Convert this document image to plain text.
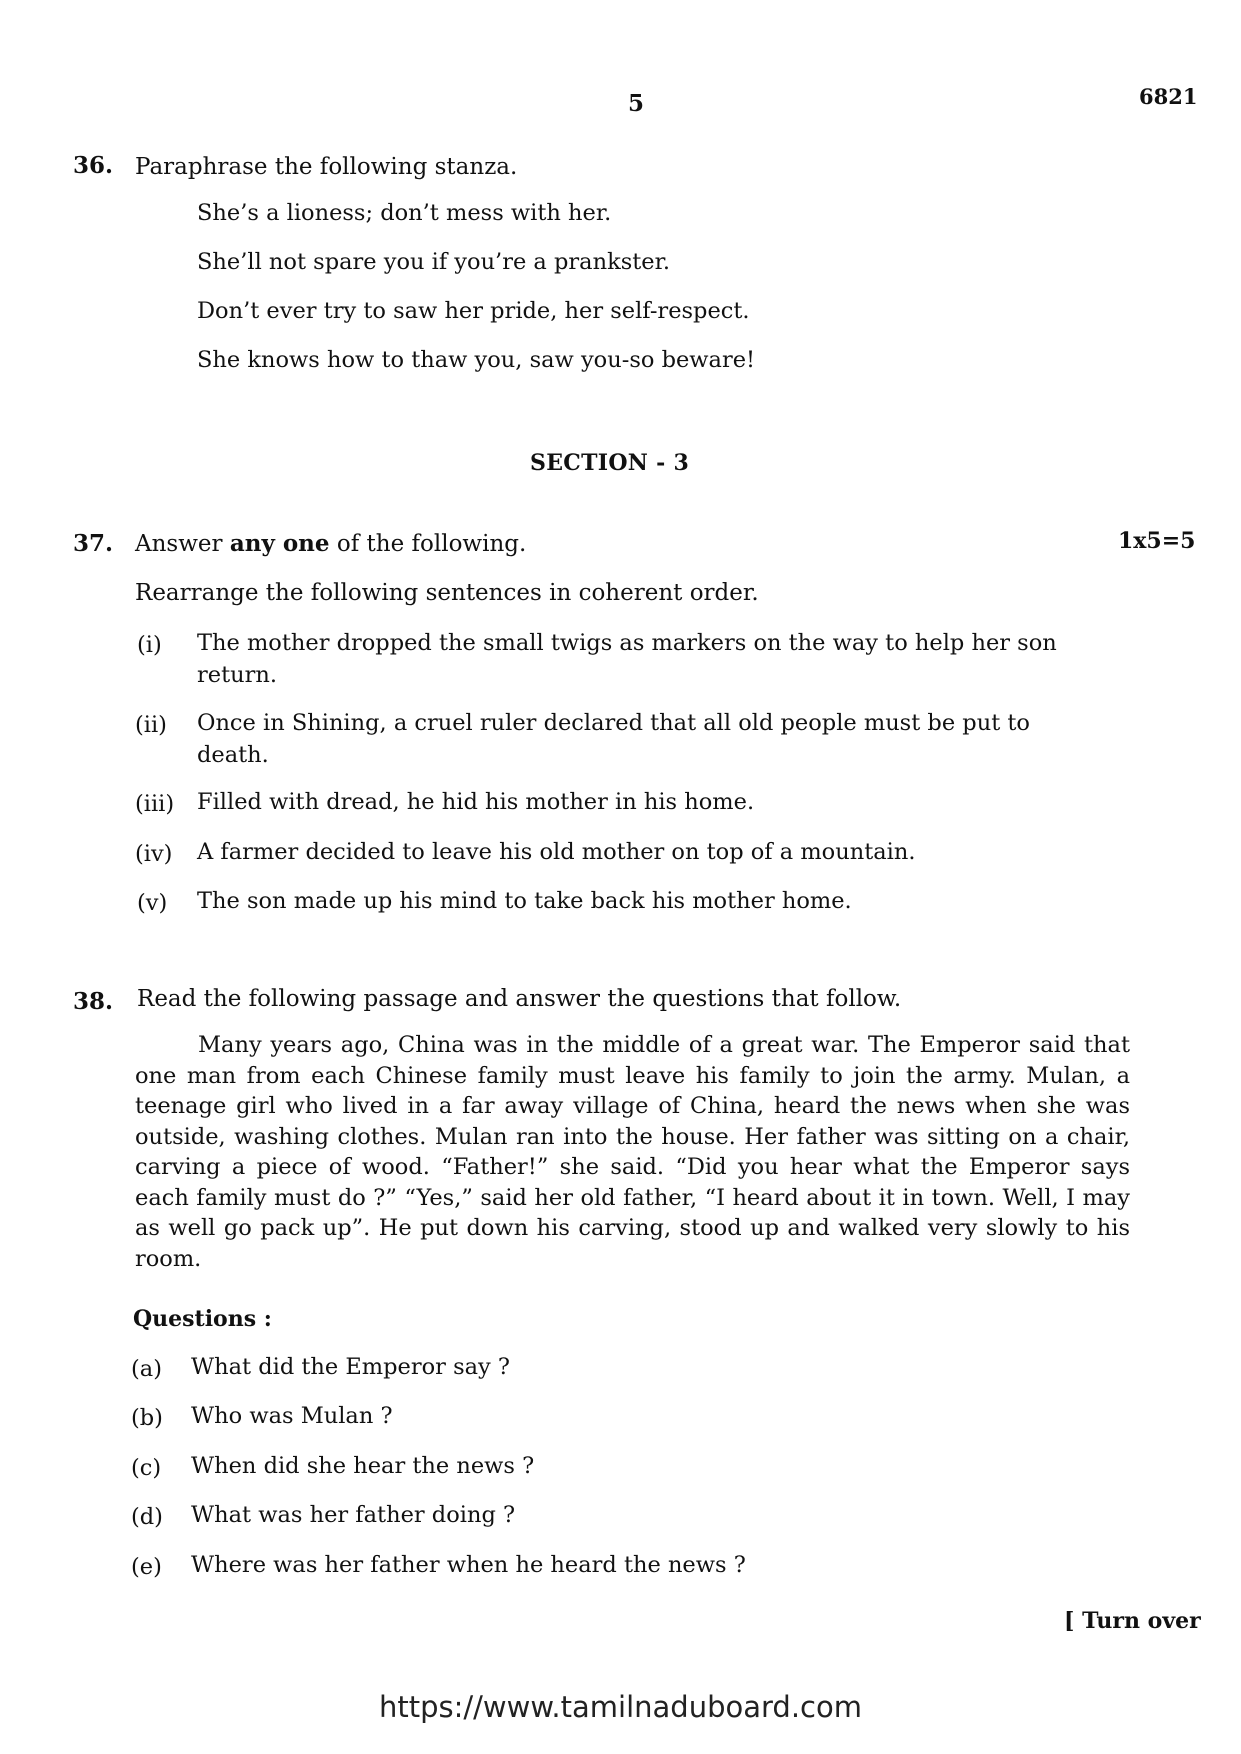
5	6821
36. Paraphrase the following stanza.
She’s a lioness; don’t mess with her.
She’ll not spare you if you’re a prankster.
Don’t ever try to saw her pride, her self-respect.
She knows how to thaw you, saw you-so beware!
SECTION - 3
37. Answer any one of the following.	1x5=5
Rearrange the following sentences in coherent order.
(i) The mother dropped the small twigs as markers on the way to help her son
return.
(ii) Once in Shining, a cruel ruler declared that all old people must be put to
death.
(iii) Filled with dread, he hid his mother in his home.
(iv) A farmer decided to leave his old mother on top of a mountain.
(v) The son made up his mind to take back his mother home.
38. Read the following passage and answer the questions that follow.
Many years ago, China was in the middle of a great war. The Emperor said that one man from each Chinese family must leave his family to join the army. Mulan, a teenage girl who lived in a far away village of China, heard the news when she was outside, washing clothes. Mulan ran into the house. Her father was sitting on a chair, carving a piece of wood. “Father!” she said. “Did you hear what the Emperor says each family must do ?” “Yes,” said her old father, “I heard about it in town. Well, I may as well go pack up”. He put down his carving, stood up and walked very slowly to his room.
Questions :
(a) What did the Emperor say ?
(b) Who was Mulan ?
(c) When did she hear the news ?
(d) What was her father doing ?
(e) Where was her father when he heard the news ?
[ Turn over
https://www.tamilnaduboard.com
